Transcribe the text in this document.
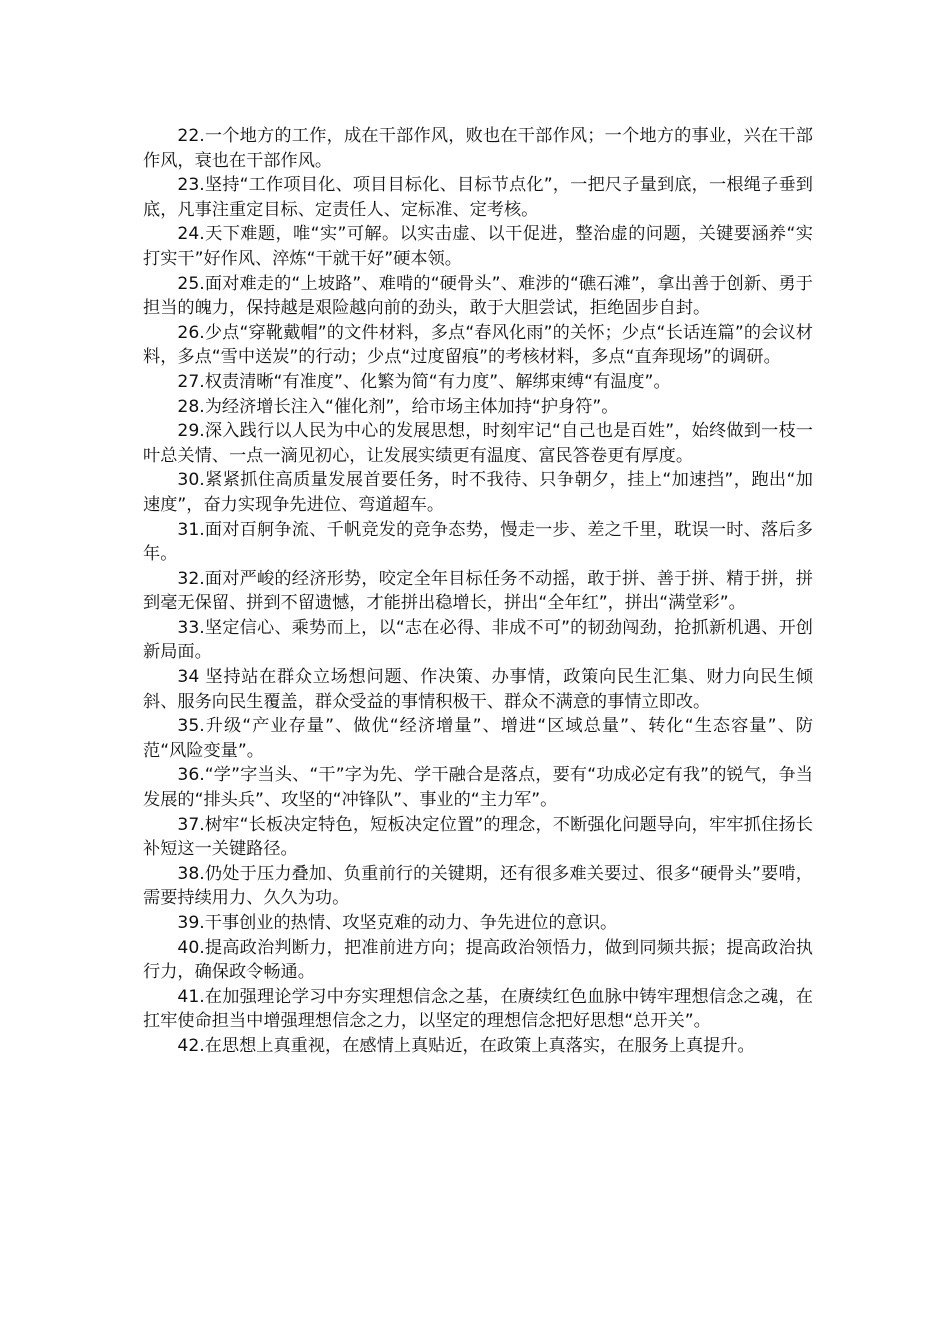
22.一个地方的工作，成在干部作风，败也在干部作风；一个地方的事业，兴在干部作风，衰也在干部作风。

23.坚持“工作项目化、项目目标化、目标节点化”，一把尺子量到底，一根绳子垂到底，凡事注重定目标、定责任人、定标准、定考核。

24.天下难题，唯“实”可解。以实击虚、以干促进，整治虚的问题，关键要涵养“实打实干”好作风、淬炼“干就干好”硬本领。

25.面对难走的“上坡路”、难啃的“硬骨头”、难涉的“礁石滩”，拿出善于创新、勇于担当的魄力，保持越是艰险越向前的劲头，敢于大胆尝试，拒绝固步自封。

26.少点“穿靴戴帽”的文件材料，多点“春风化雨”的关怀；少点“长话连篇”的会议材料，多点“雪中送炭”的行动；少点“过度留痕”的考核材料，多点“直奔现场”的调研。

27.权责清晰“有准度”、化繁为简“有力度”、解绑束缚“有温度”。

28.为经济增长注入“催化剂”，给市场主体加持“护身符”。

29.深入践行以人民为中心的发展思想，时刻牢记“自己也是百姓”，始终做到一枝一叶总关情、一点一滴见初心，让发展实绩更有温度、富民答卷更有厚度。

30.紧紧抓住高质量发展首要任务，时不我待、只争朝夕，挂上“加速挡”，跑出“加速度”，奋力实现争先进位、弯道超车。

31.面对百舸争流、千帆竞发的竞争态势，慢走一步、差之千里，耽误一时、落后多年。

32.面对严峻的经济形势，咬定全年目标任务不动摇，敢于拼、善于拼、精于拼，拼到毫无保留、拼到不留遗憾，才能拼出稳增长，拼出“全年红”，拼出“满堂彩”。

33.坚定信心、乘势而上，以“志在必得、非成不可”的韧劲闯劲，抢抓新机遇、开创新局面。

34 坚持站在群众立场想问题、作决策、办事情，政策向民生汇集、财力向民生倾斜、服务向民生覆盖，群众受益的事情积极干、群众不满意的事情立即改。

35.升级“产业存量”、做优“经济增量”、增进“区域总量”、转化“生态容量”、防范“风险变量”。

36.“学”字当头、“干”字为先、学干融合是落点，要有“功成必定有我”的锐气，争当发展的“排头兵”、攻坚的“冲锋队”、事业的“主力军”。

37.树牢“长板决定特色，短板决定位置”的理念，不断强化问题导向，牢牢抓住扬长补短这一关键路径。

38.仍处于压力叠加、负重前行的关键期，还有很多难关要过、很多“硬骨头”要啃，需要持续用力、久久为功。

39.干事创业的热情、攻坚克难的动力、争先进位的意识。

40.提高政治判断力，把准前进方向；提高政治领悟力，做到同频共振；提高政治执行力，确保政令畅通。

41.在加强理论学习中夯实理想信念之基，在赓续红色血脉中铸牢理想信念之魂，在扛牢使命担当中增强理想信念之力，以坚定的理想信念把好思想“总开关”。

42.在思想上真重视，在感情上真贴近，在政策上真落实，在服务上真提升。
